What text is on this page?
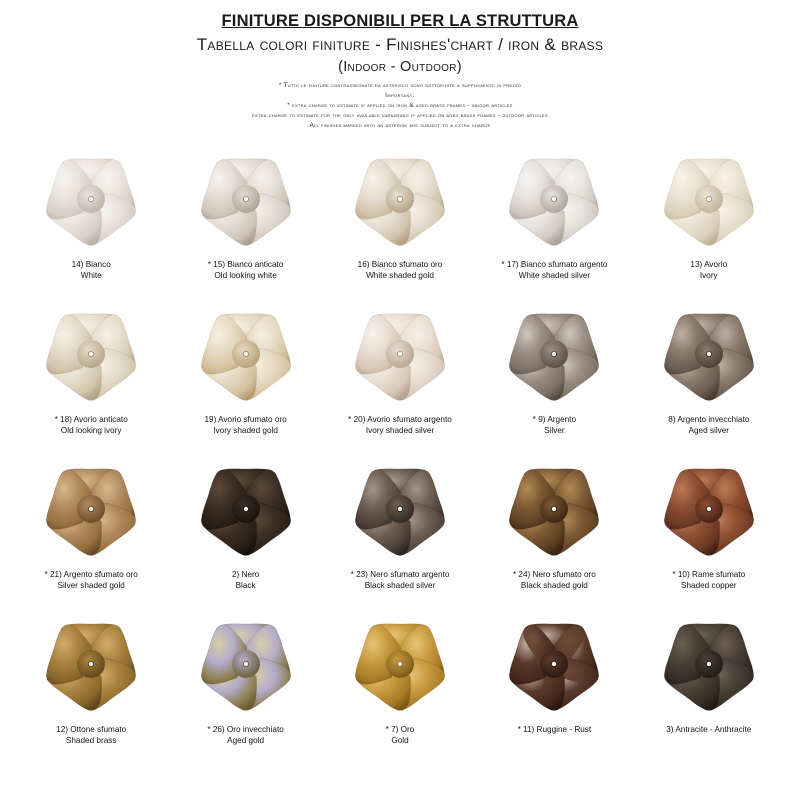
FINITURE DISPONIBILI PER LA STRUTTURA
Tabella colori finiture - Finishes'chart / iron & brass
(Indoor - Outdoor)
* Tutte le finiture contrassegnate da asterisco sono sottoposte a supplemento di prezzo
Important:
* extra charge to estimate if applied on iron & aged brass frames - indoor articles
extra charge to estimate for the only available varnishing if applied on aged brass frames - outdoor articles
All finishes marked with an asterisk are subject to a extra charge
14) Bianco
White
* 15) Bianco anticato
Old looking white
16) Bianco sfumato oro
White shaded gold
* 17) Bianco sfumato argento
White shaded silver
13) Avorio
Ivory
* 18) Avorio anticato
Old looking ivory
19) Avorio sfumato oro
Ivory shaded gold
* 20) Avorio sfumato argento
Ivory shaded silver
* 9) Argento
Silver
8) Argento invecchiato
Aged silver
* 21) Argento sfumato oro
Silver shaded gold
2) Nero
Black
* 23) Nero sfumato argento
Black shaded silver
* 24) Nero sfumato oro
Black shaded gold
* 10) Rame sfumato
Shaded copper
12) Ottone sfumato
Shaded brass
* 26) Oro invecchiato
Aged gold
* 7) Oro
Gold
* 11) Ruggine - Rust	3) Antracite - Anthracite
